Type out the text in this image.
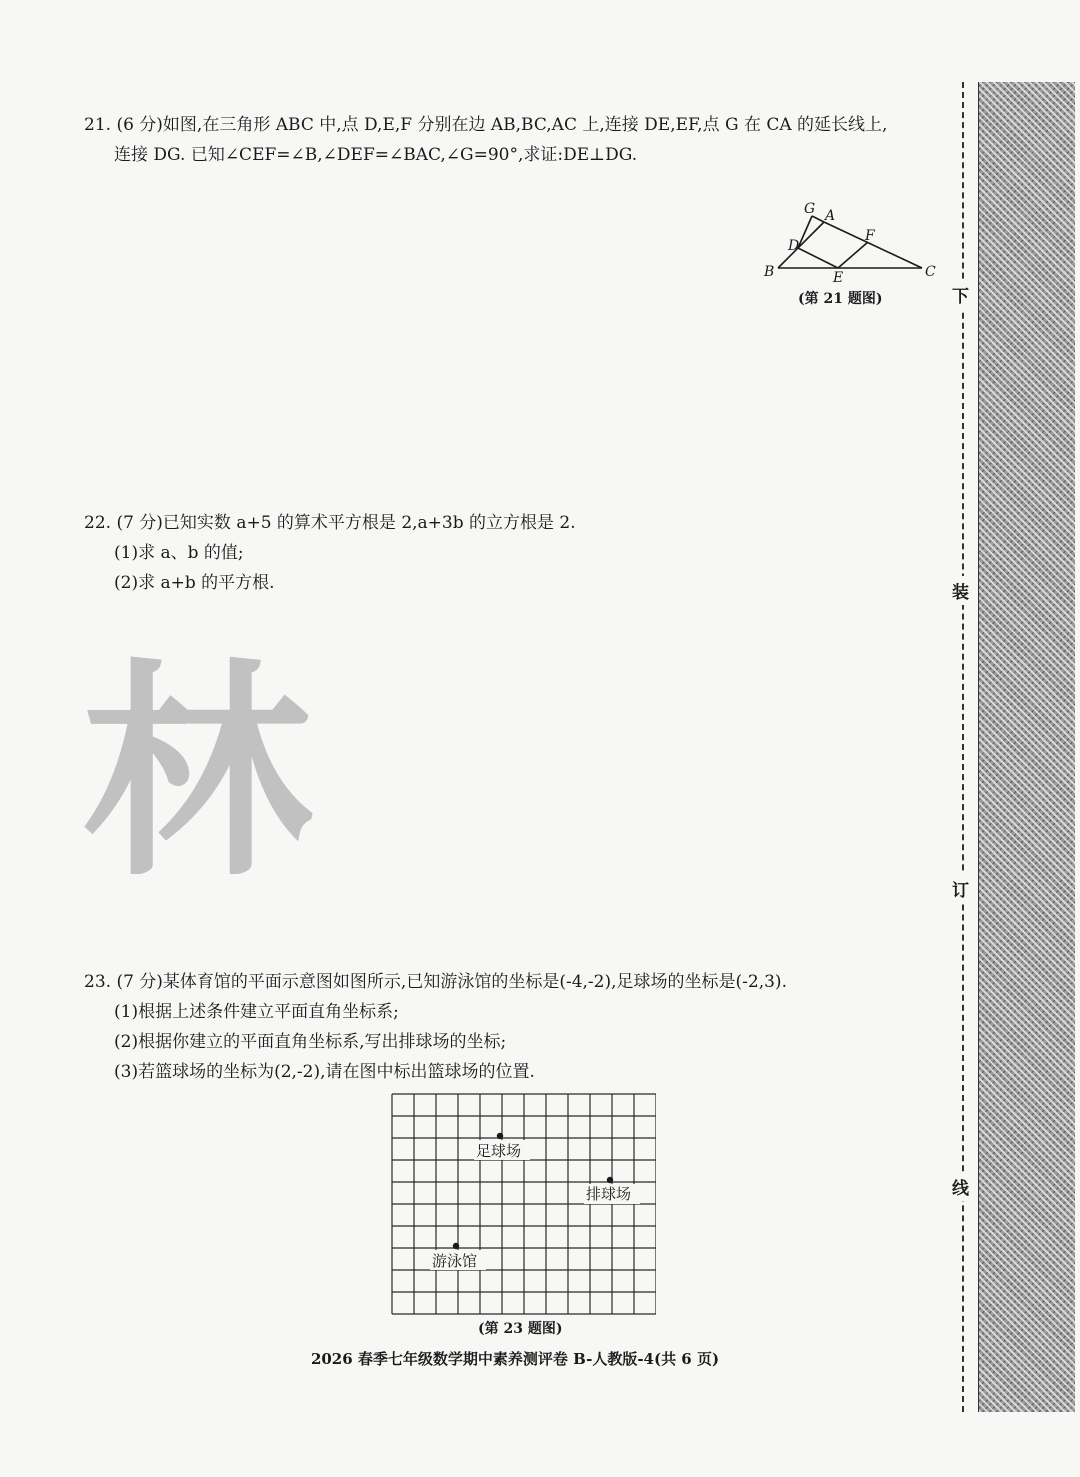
21. (6 分)如图,在三角形 ABC 中,点 D,E,F 分别在边 AB,BC,AC 上,连接 DE,EF,点 G 在 CA 的延长线上,

连接 DG. 已知∠CEF=∠B,∠DEF=∠BAC,∠G=90°,求证:DE⊥DG.

G A
D
F
B	E	C
(第 21 题图)

22. (7 分)已知实数 a+5 的算术平方根是 2,a+3b 的立方根是 2.

(1)求 a、b 的值;

(2)求 a+b 的平方根.

林

23. (7 分)某体育馆的平面示意图如图所示,已知游泳馆的坐标是(-4,-2),足球场的坐标是(-2,3).

(1)根据上述条件建立平面直角坐标系;

(2)根据你建立的平面直角坐标系,写出排球场的坐标;

(3)若篮球场的坐标为(2,-2),请在图中标出篮球场的位置.

足球场
排球场
游泳馆
(第 23 题图)
2026 春季七年级数学期中素养测评卷 B-人教版-4(共 6 页)
下
装
订
线
